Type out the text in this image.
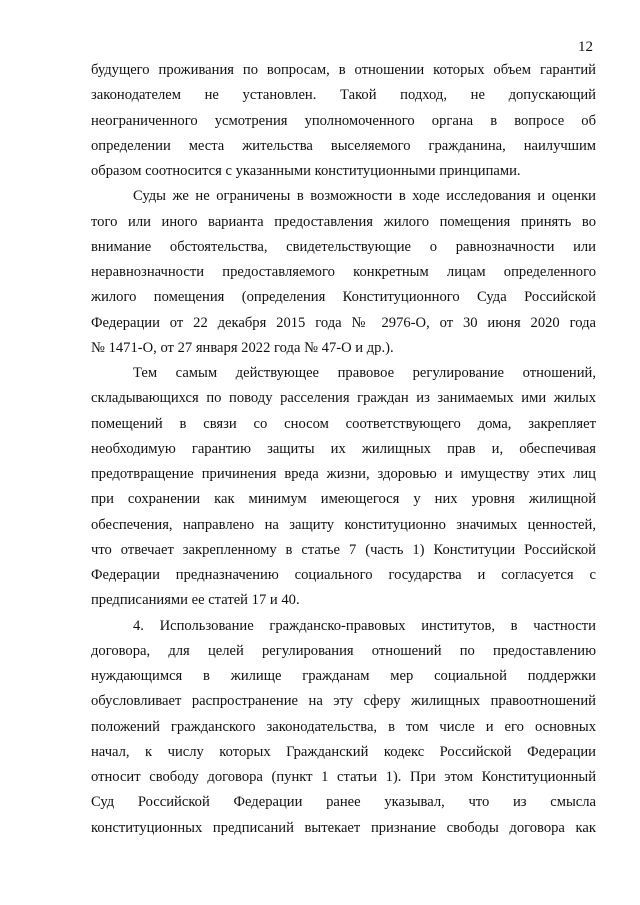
12
будущего проживания по вопросам, в отношении которых объем гарантий
законодателем не установлен. Такой подход, не допускающий
неограниченного усмотрения уполномоченного органа в вопросе об
определении места жительства выселяемого гражданина, наилучшим
образом соотносится с указанными конституционными принципами.
Суды же не ограничены в возможности в ходе исследования и оценки
того или иного варианта предоставления жилого помещения принять во
внимание обстоятельства, свидетельствующие о равнозначности или
неравнозначности предоставляемого конкретным лицам определенного
жилого помещения (определения Конституционного Суда Российской
Федерации от 22 декабря 2015 года № 2976-О, от 30 июня 2020 года
№ 1471-О, от 27 января 2022 года № 47-О и др.).
Тем самым действующее правовое регулирование отношений,
складывающихся по поводу расселения граждан из занимаемых ими жилых
помещений в связи со сносом соответствующего дома, закрепляет
необходимую гарантию защиты их жилищных прав и, обеспечивая
предотвращение причинения вреда жизни, здоровью и имуществу этих лиц
при сохранении как минимум имеющегося у них уровня жилищной
обеспечения, направлено на защиту конституционно значимых ценностей,
что отвечает закрепленному в статье 7 (часть 1) Конституции Российской
Федерации предназначению социального государства и согласуется с
предписаниями ее статей 17 и 40.
4. Использование гражданско-правовых институтов, в частности
договора, для целей регулирования отношений по предоставлению
нуждающимся в жилище гражданам мер социальной поддержки
обусловливает распространение на эту сферу жилищных правоотношений
положений гражданского законодательства, в том числе и его основных
начал, к числу которых Гражданский кодекс Российской Федерации
относит свободу договора (пункт 1 статьи 1). При этом Конституционный
Суд Российской Федерации ранее указывал, что из смысла
конституционных предписаний вытекает признание свободы договора как
